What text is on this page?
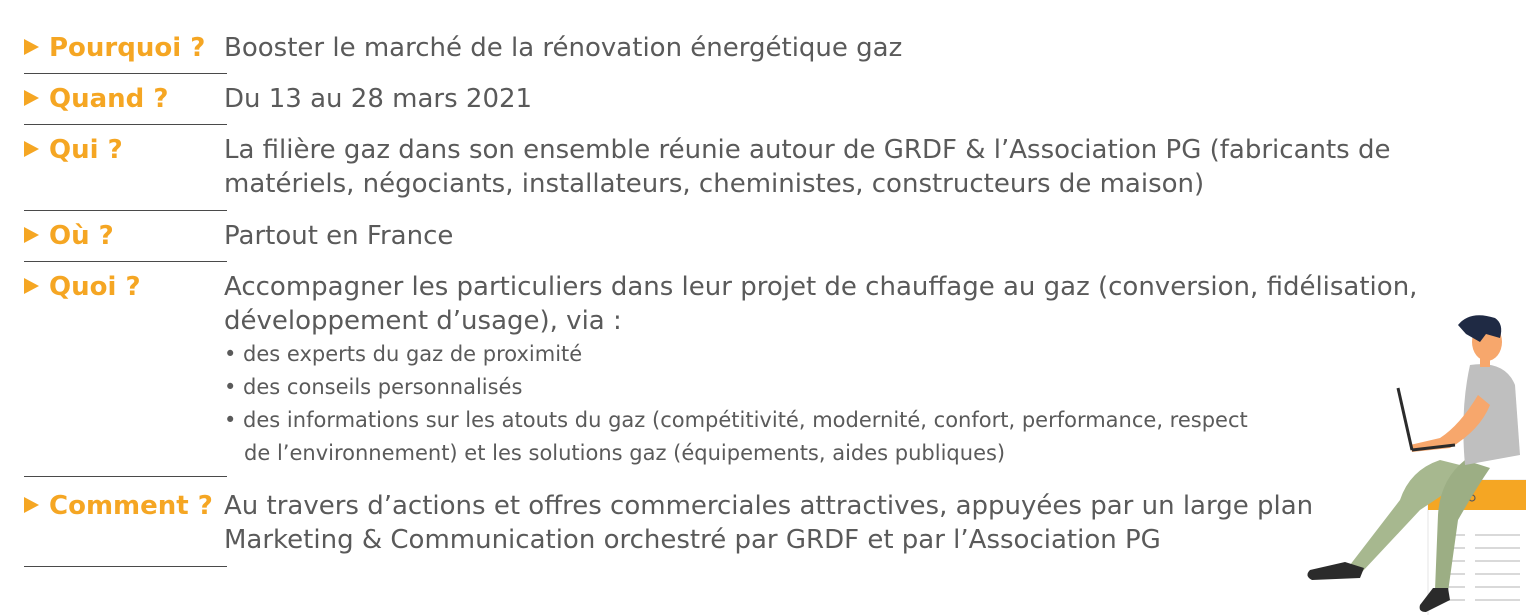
Pourquoi ? Booster le marché de la rénovation énergétique gaz
Quand ? Du 13 au 28 mars 2021
Qui ?	La filière gaz dans son ensemble réunie autour de GRDF & l’Association PG (fabricants de
matériels, négociants, installateurs, cheministes, constructeurs de maison)
Où ?	Partout en France
Quoi ?	Accompagner les particuliers dans leur projet de chauffage au gaz (conversion, fidélisation,
développement d’usage), via :
• des experts du gaz de proximité
• des conseils personnalisés
• des informations sur les atouts du gaz (compétitivité, modernité, confort, performance, respect
de l’environnement) et les solutions gaz (équipements, aides publiques)
Comment ? Au travers d’actions et offres commerciales attractives, appuyées par un large plan
Marketing & Communication orchestré par GRDF et par l’Association PG
